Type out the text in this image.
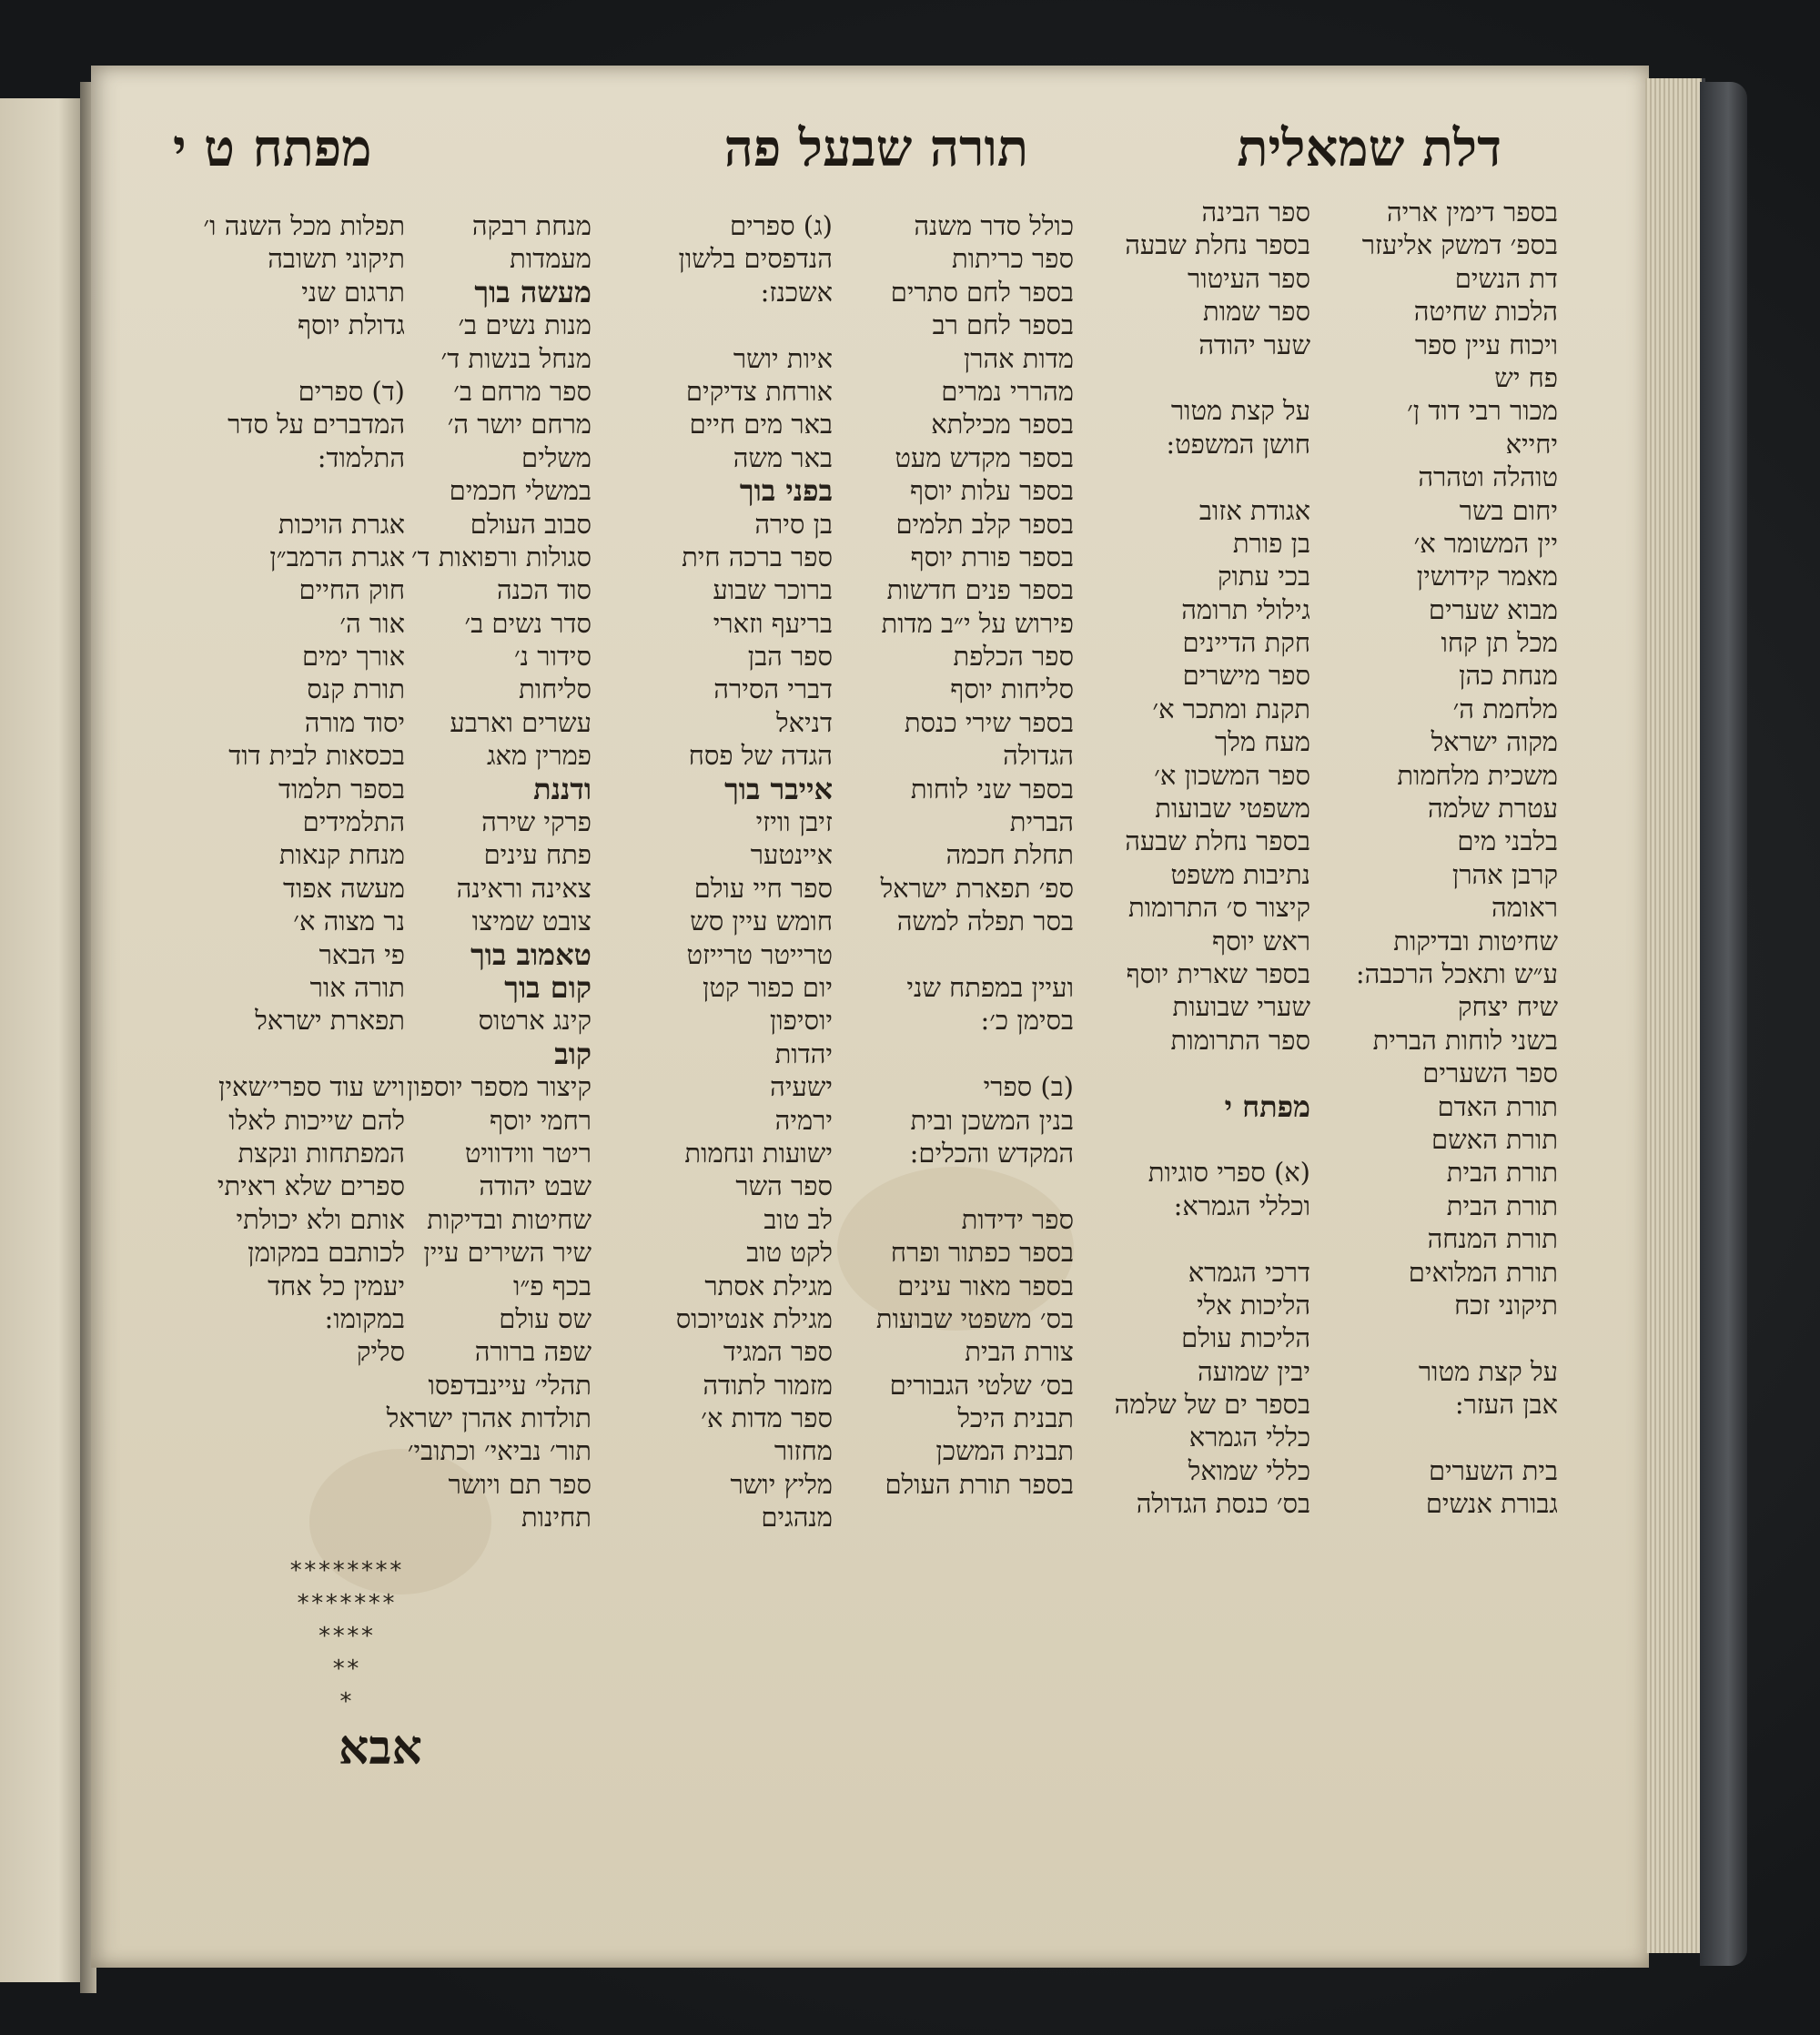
דלת שמאלית
תורה שבעל פה
מפתח ט י
בספר דימין אריה
בספ׳ דמשק אליעזר
דת הנשים
הלכות שחיטה
ויכוח עיין ספר
פח יש
מכור רבי דוד ן׳
יחייא
טוהלה וטהרה
יחום בשר
יין המשומר א׳
מאמר קידושין
מבוא שערים
מכל תן קחו
מנחת כהן
מלחמת ה׳
מקוה ישראל
משכית מלחמות
עטרת שלמה
בלבני מים
קרבן אהרן
ראומה
שחיטות ובדיקות
ע״ש ותאכל הרכבה:
שיח יצחק
בשני לוחות הברית
ספר השערים
תורת האדם
תורת האשם
תורת הבית
תורת הבית
תורת המנחה
תורת המלואים
תיקוני זכח
על קצת מטור
אבן העזר:
בית השערים
גבורת אנשים
ספר הבינה
בספר נחלת שבעה
ספר העיטור
ספר שמות
שער יהודה
על קצת מטור
חושן המשפט:
אגודת אזוב
בן פורת
בכי עתוק
גילולי תרומה
חקת הדיינים
ספר מישרים
תקנת ומתכר א׳
מעח מלך
ספר המשכון א׳
משפטי שבועות
בספר נחלת שבעה
נתיבות משפט
קיצור ס׳ התרומות
ראש יוסף
בספר שארית יוסף
שערי שבועות
ספר התרומות
מפתח י
(א) ספרי סוגיות
וכללי הגמרא:
דרכי הגמרא
הליכות אלי
הליכות עולם
יבין שמועה
בספר ים של שלמה
כללי הגמרא
כללי שמואל
בס׳ כנסת הגדולה
כולל סדר משנה
ספר כריתות
בספר לחם סתרים
בספר לחם רב
מדות אהרן
מהררי נמרים
בספר מכילתא
בספר מקדש מעט
בספר עלות יוסף
בספר קלב תלמים
בספר פורת יוסף
בספר פנים חדשות
פירוש על י״ב מדות
ספר הכלפת
סליחות יוסף
בספר שירי כנסת
הגדולה
בספר שני לוחות
הברית
תחלת חכמה
ספ׳ תפארת ישראל
בסר תפלה למשה
ועיין במפתח שני
בסימן כ׳:
(ב) ספרי
בנין המשכן ובית
המקדש והכלים:
ספר ידידות
בספר כפתור ופרח
בספר מאור עינים
בס׳ משפטי שבועות
צורת הבית
בס׳ שלטי הגבורים
תבנית היכל
תבנית המשכן
בספר תורת העולם
(ג) ספרים
הנדפסים בלשון
אשכנז:
איות יושר
אורחת צדיקים
באר מים חיים
באר משה
בפני בוך
בן סירה
ספר ברכה חית
ברוכר שבוע
בריעף וזארי
ספר הבן
דברי הסירה
דניאל
הגדה של פסח
אייבר בוך
זיבן וויזי
איינטער
ספר חיי עולם
חומש עיין סש
טרייטר טרייזט
יום כפור קטן
יוסיפון
יהדות
ישעיה
ירמיה
ישועות ונחמות
ספר השר
לב טוב
לקט טוב
מגילת אסתר
מגילת אנטיוכוס
ספר המגיד
מזמור לתודה
ספר מדות א׳
מחזור
מליץ יושר
מנהגים
מנחת רבקה
מעמדות
מעשה בוך
מנות נשים ב׳
מנחל בנשות ד׳
ספר מרחם ב׳
מרחם יושר ה׳
משלים
במשלי חכמים
סבוב העולם
סגולות ורפואות ד׳
סוד הכנה
סדר נשים ב׳
סידור נ׳
סליחות
עשרים וארבע
פמרין מאג
ודננת
פרקי שירה
פתח עינים
צאינה וראינה
צובט שמיצו
טאמוב בוך
קום בוך
קינג ארטוס
קוב
קיצור מספר יוספון
רחמי יוסף
ריטר ווידוויט
שבט יהודה
שחיטות ובדיקות
שיר השירים עיין
בכף פ״ו
שס עולם
שפה ברורה
תהלי׳ עיינבדפסו
תולדות אהרן ישראל
תור׳ נביאי׳ וכתובי׳
ספר תם ויושר
תחינות
תפלות מכל השנה ו׳
תיקוני תשובה
תרגום שני
גדולת יוסף
(ד) ספרים
המדברים על סדר
התלמוד:
אגרת הויכות
אגרת הרמב״ן
חוק החיים
אור ה׳
אורך ימים
תורת קנס
יסוד מורה
בכסאות לבית דוד
בספר תלמוד
התלמידים
מנחת קנאות
מעשה אפוד
נר מצוה א׳
פי הבאר
תורה אור
תפארת ישראל
ויש עוד ספרי׳שאין
להם שייכות לאלו
המפתחות ונקצת
ספרים שלא ראיתי
אותם ולא יכולתי
לכותבם במקומן
יעמין כל אחד
במקומו:
סליק
********
*******
****
**
*
אבא
